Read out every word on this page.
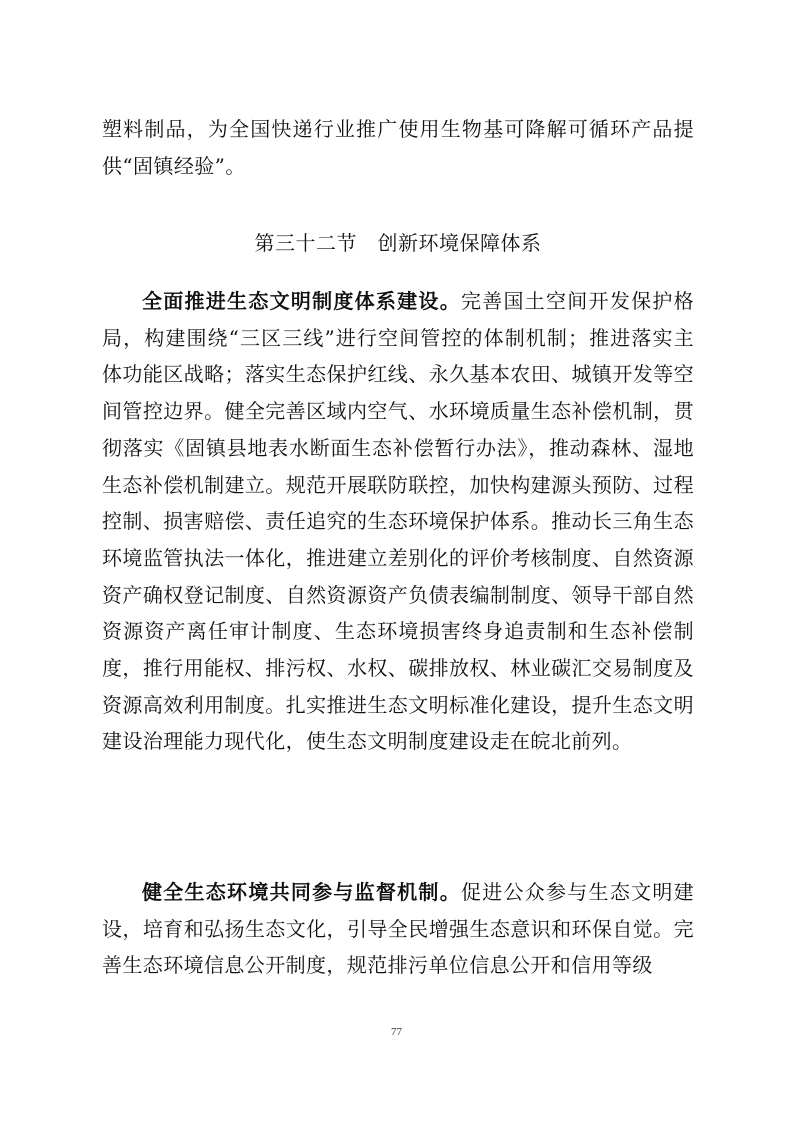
塑料制品，为全国快递行业推广使用生物基可降解可循环产品提供“固镇经验”。
第三十二节　创新环境保障体系
全面推进生态文明制度体系建设。完善国土空间开发保护格局，构建围绕“三区三线”进行空间管控的体制机制；推进落实主体功能区战略；落实生态保护红线、永久基本农田、城镇开发等空间管控边界。健全完善区域内空气、水环境质量生态补偿机制，贯彻落实《固镇县地表水断面生态补偿暂行办法》，推动森林、湿地生态补偿机制建立。规范开展联防联控，加快构建源头预防、过程控制、损害赔偿、责任追究的生态环境保护体系。推动长三角生态环境监管执法一体化，推进建立差别化的评价考核制度、自然资源资产确权登记制度、自然资源资产负债表编制制度、领导干部自然资源资产离任审计制度、生态环境损害终身追责制和生态补偿制度，推行用能权、排污权、水权、碳排放权、林业碳汇交易制度及资源高效利用制度。扎实推进生态文明标准化建设，提升生态文明建设治理能力现代化，使生态文明制度建设走在皖北前列。
健全生态环境共同参与监督机制。促进公众参与生态文明建设，培育和弘扬生态文化，引导全民增强生态意识和环保自觉。完善生态环境信息公开制度，规范排污单位信息公开和信用等级
77
